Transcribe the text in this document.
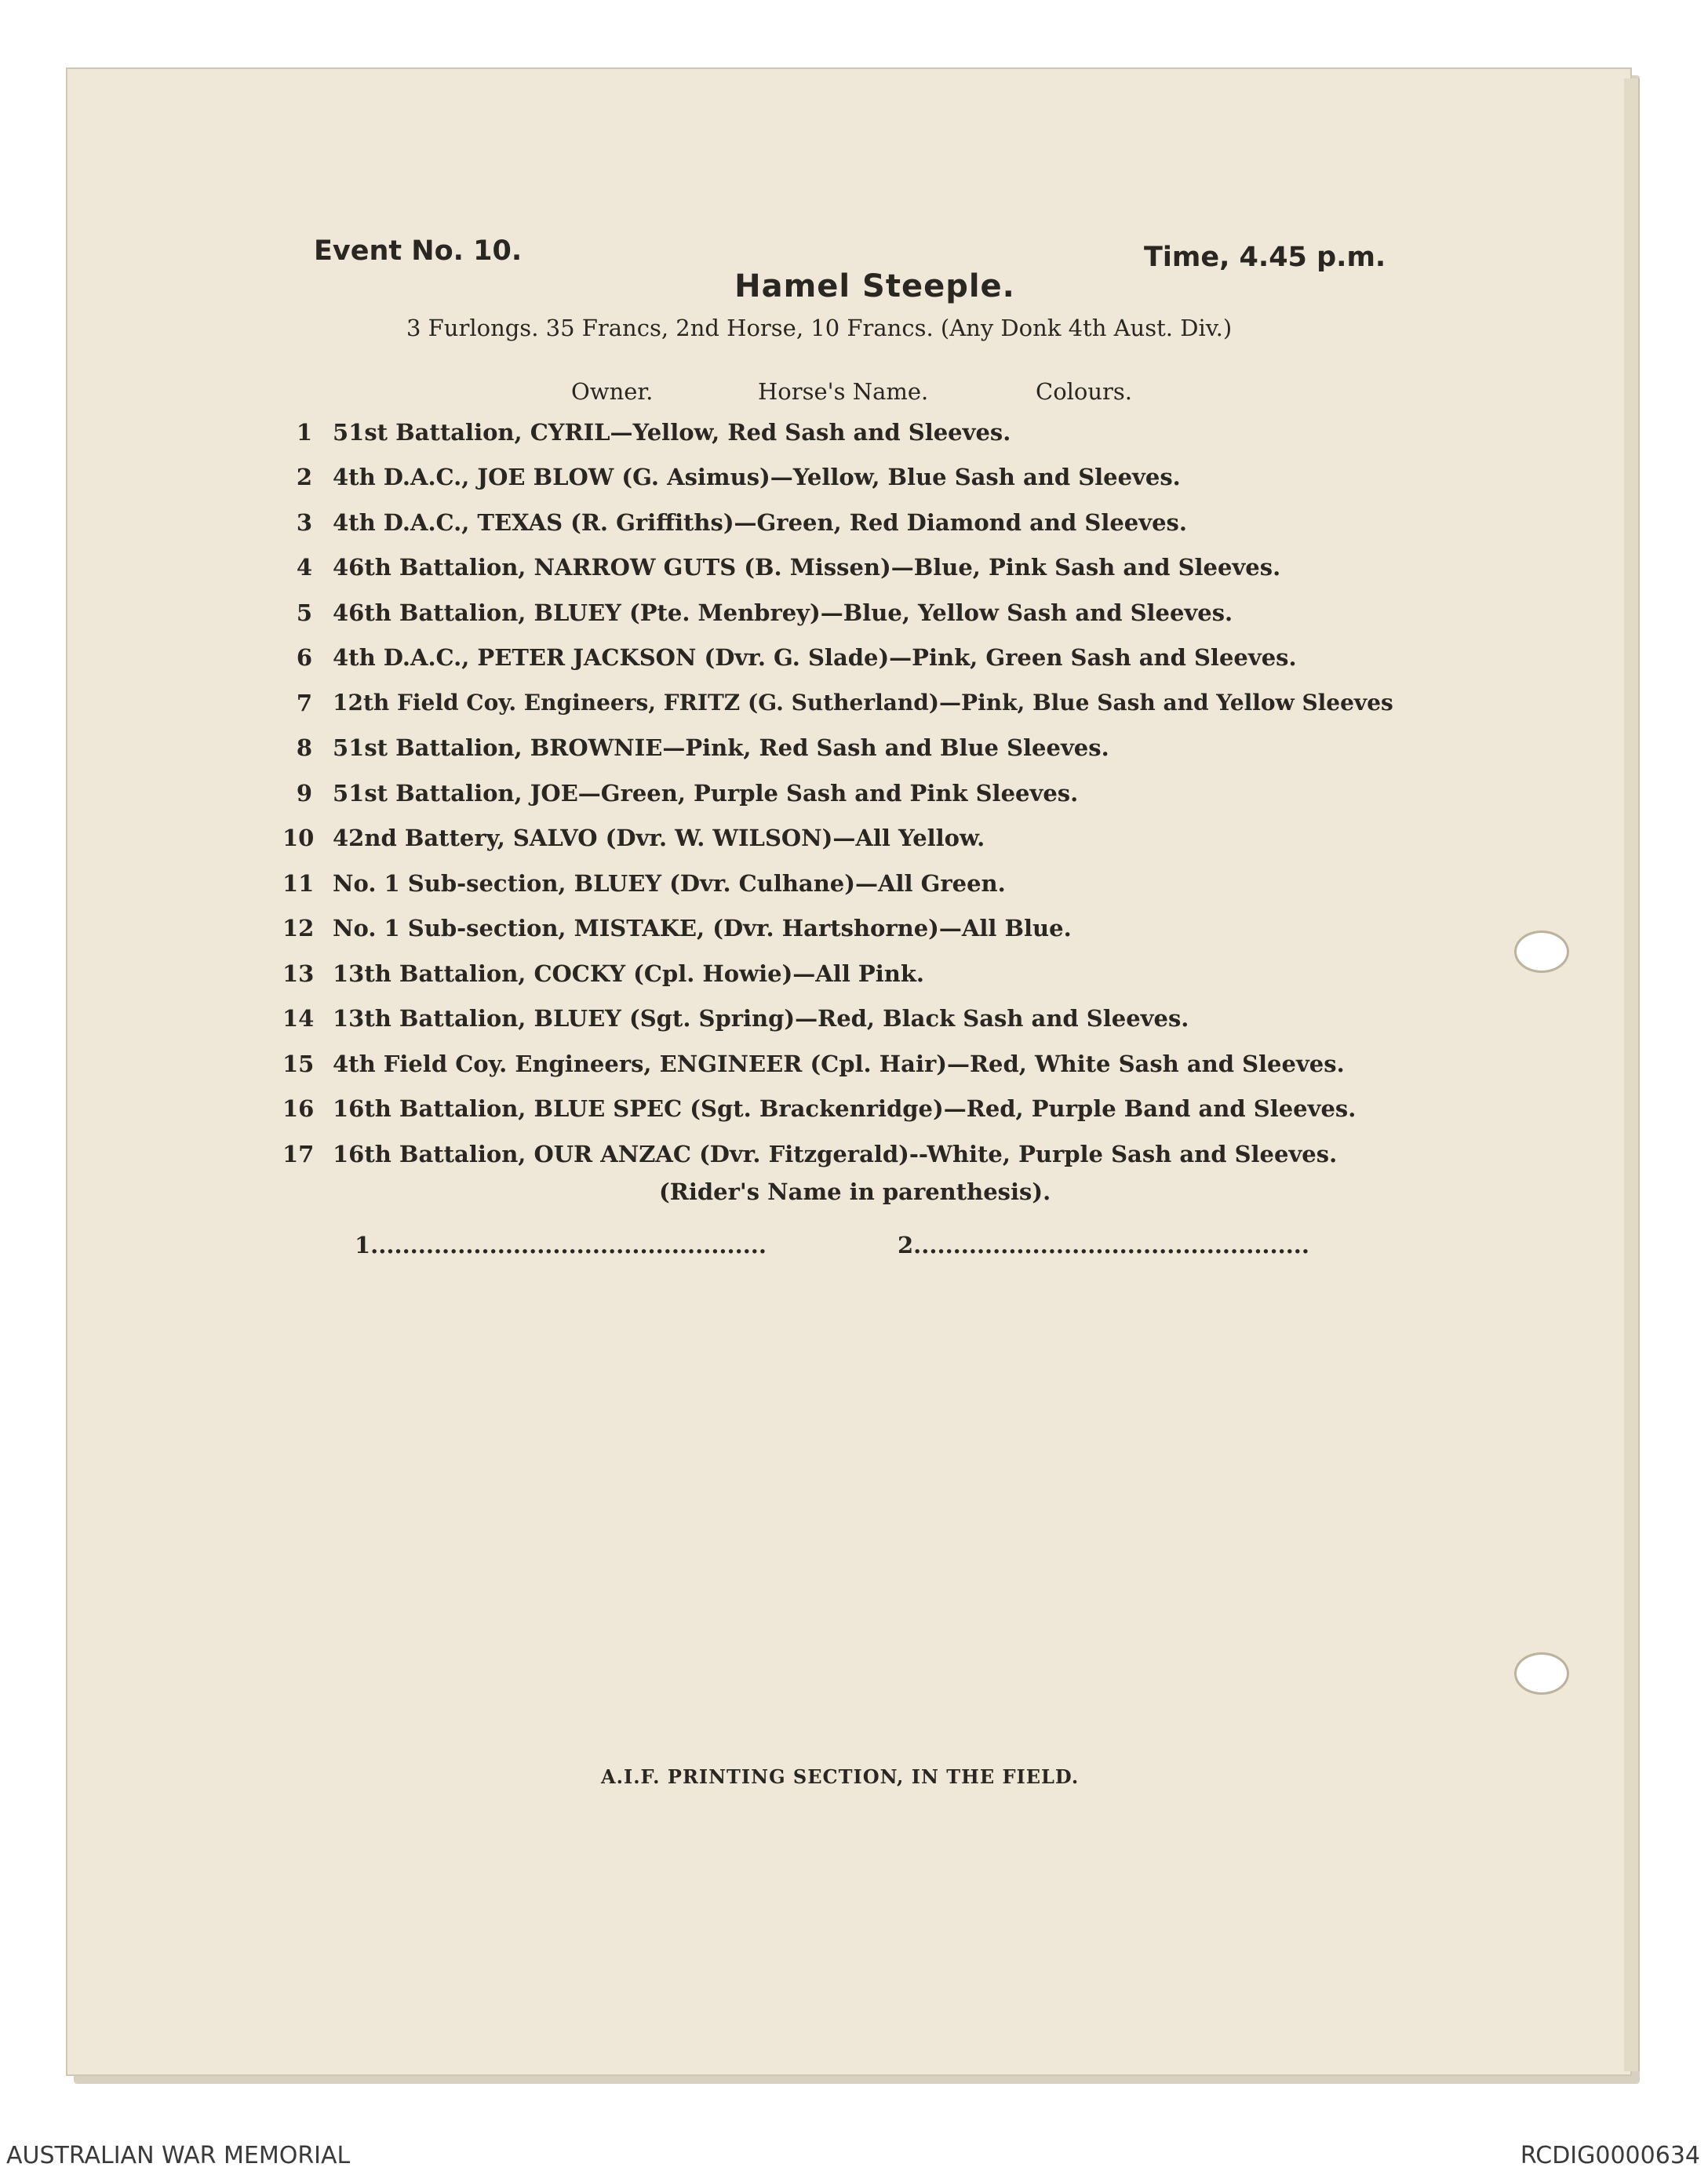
Event No. 10.	Time, 4.45 p.m.
Hamel Steeple.
3 Furlongs. 35 Francs, 2nd Horse, 10 Francs. (Any Donk 4th Aust. Div.)
Owner.	Horse's Name.	Colours.
1 51st Battalion, CYRIL—Yellow, Red Sash and Sleeves.
2 4th D.A.C., JOE BLOW (G. Asimus)—Yellow, Blue Sash and Sleeves.
3 4th D.A.C., TEXAS (R. Griffiths)—Green, Red Diamond and Sleeves.
4 46th Battalion, NARROW GUTS (B. Missen)—Blue, Pink Sash and Sleeves.
5 46th Battalion, BLUEY (Pte. Menbrey)—Blue, Yellow Sash and Sleeves.
6 4th D.A.C., PETER JACKSON (Dvr. G. Slade)—Pink, Green Sash and Sleeves.
7 12th Field Coy. Engineers, FRITZ (G. Sutherland)—Pink, Blue Sash and Yellow Sleeves
8 51st Battalion, BROWNIE—Pink, Red Sash and Blue Sleeves.
9 51st Battalion, JOE—Green, Purple Sash and Pink Sleeves.
10 42nd Battery, SALVO (Dvr. W. WILSON)—All Yellow.
11 No. 1 Sub-section, BLUEY (Dvr. Culhane)—All Green.
12 No. 1 Sub-section, MISTAKE, (Dvr. Hartshorne)—All Blue.
13 13th Battalion, COCKY (Cpl. Howie)—All Pink.
14 13th Battalion, BLUEY (Sgt. Spring)—Red, Black Sash and Sleeves.
15 4th Field Coy. Engineers, ENGINEER (Cpl. Hair)—Red, White Sash and Sleeves.
16 16th Battalion, BLUE SPEC (Sgt. Brackenridge)—Red, Purple Band and Sleeves.
17 16th Battalion, OUR ANZAC (Dvr. Fitzgerald)--White, Purple Sash and Sleeves.
(Rider's Name in parenthesis).
1..................................................	2..................................................
A.I.F. PRINTING SECTION, IN THE FIELD.
AUSTRALIAN WAR MEMORIAL	RCDIG0000634
